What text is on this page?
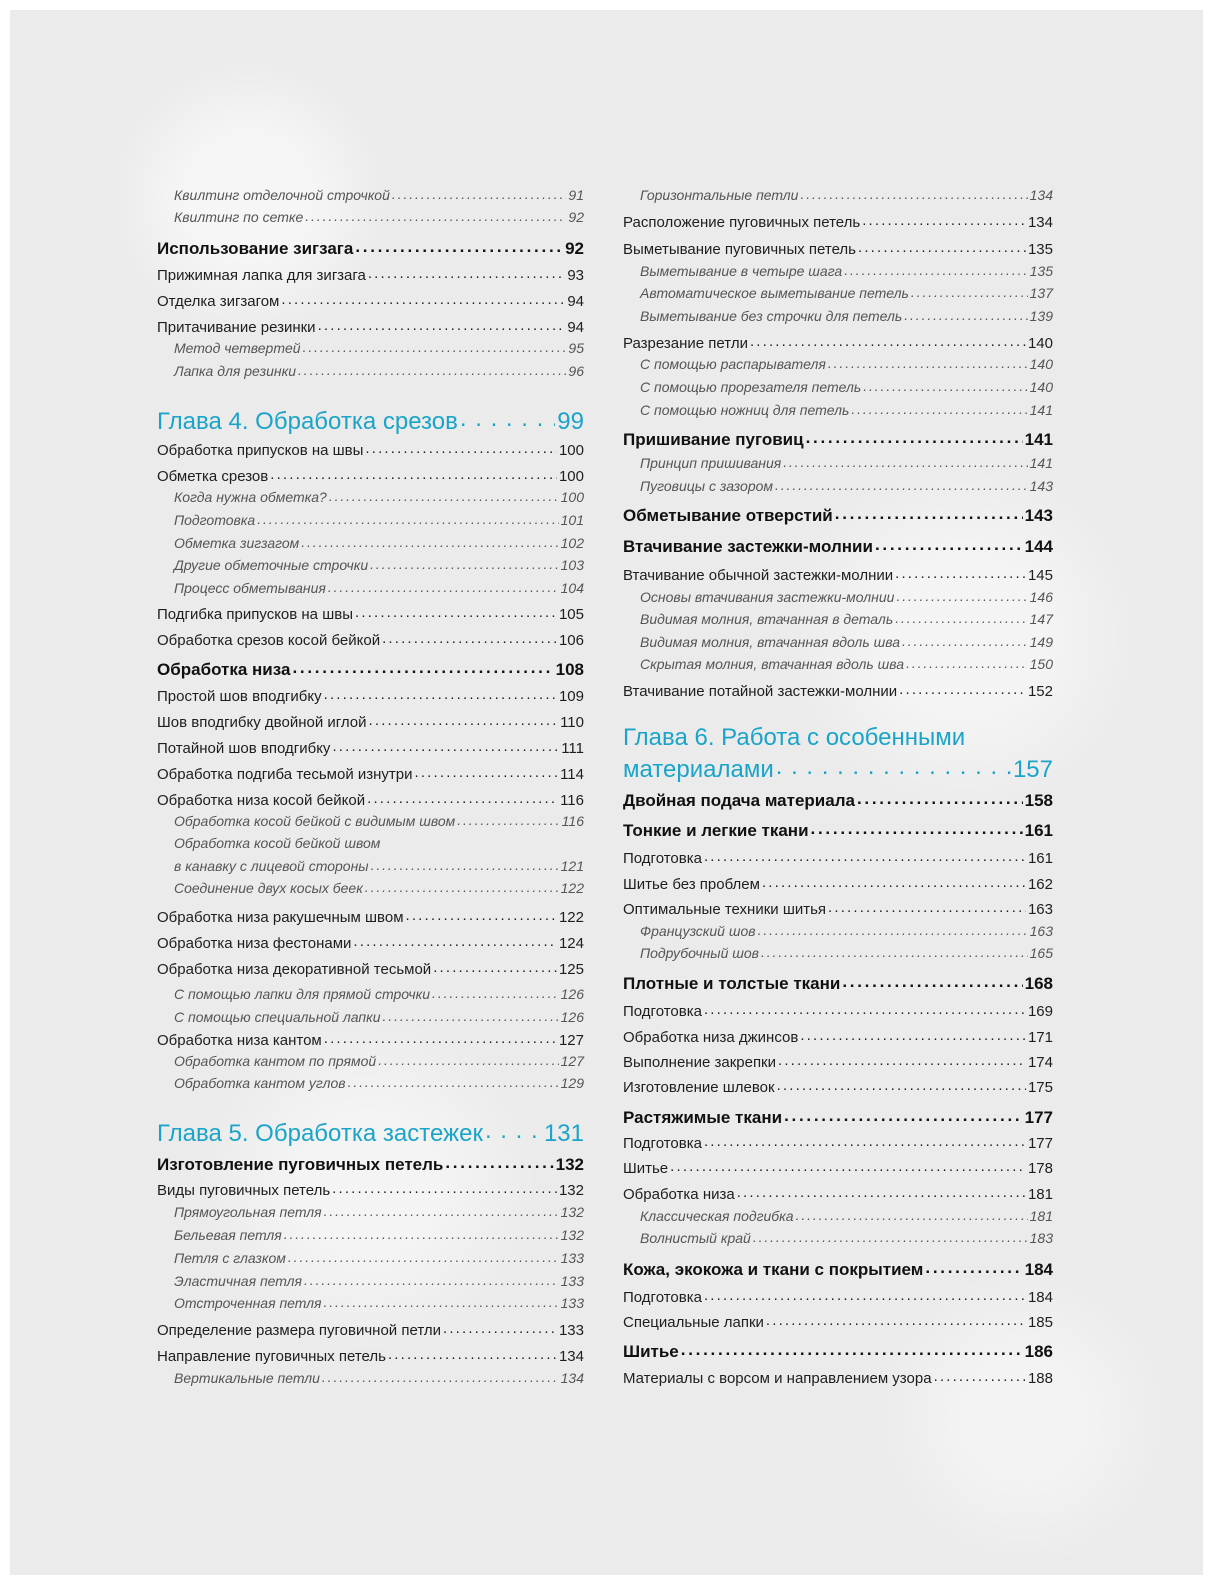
Квилтинг отделочной строчкой . . .	91
Квилтинг по сетке . . .	92
Использование зигзага . . .	92
Прижимная лапка для зигзага . . .	93
Отделка зигзагом . . .	94
Притачивание резинки . . .	94
Метод четвертей . . .	95
Лапка для резинки . . .	96
Глава 4. Обработка срезов . . .	99
Обработка припусков на швы . . .	100
Обметка срезов . . .	100
Когда нужна обметка? . . .	100
Подготовка . . .	101
Обметка зигзагом . . .	102
Другие обметочные строчки . . .	103
Процесс обметывания . . .	104
Подгибка припусков на швы . . .	105
Обработка срезов косой бейкой . . .	106
Обработка низа . . .	108
Простой шов вподгибку . . .	109
Шов вподгибку двойной иглой . . .	110
Потайной шов вподгибку . . .	111
Обработка подгиба тесьмой изнутри . . .	114
Обработка низа косой бейкой . . .	116
Обработка косой бейкой с видимым швом . . .	116
Обработка косой бейкой швом
в канавку с лицевой стороны . . .	121
Соединение двух косых беек . . .	122
Обработка низа ракушечным швом . . .	122
Обработка низа фестонами . . .	124
Обработка низа декоративной тесьмой . . .	125
С помощью лапки для прямой строчки . . .	126
С помощью специальной лапки . . .	126
Обработка низа кантом . . .	127
Обработка кантом по прямой . . .	127
Обработка кантом углов . . .	129
Глава 5. Обработка застежек . . .	131
Изготовление пуговичных петель . . .	132
Виды пуговичных петель . . .	132
Прямоугольная петля . . .	132
Бельевая петля . . .	132
Петля с глазком . . .	133
Эластичная петля . . .	133
Отстроченная петля . . .	133
Определение размера пуговичной петли . . .	133
Направление пуговичных петель . . .	134
Вертикальные петли . . .	134
Горизонтальные петли . . .	134
Расположение пуговичных петель . . .	134
Выметывание пуговичных петель . . .	135
Выметывание в четыре шага . . .	135
Автоматическое выметывание петель . . .	137
Выметывание без строчки для петель . . .	139
Разрезание петли . . .	140
С помощью распарывателя . . .	140
С помощью прорезателя петель . . .	140
С помощью ножниц для петель . . .	141
Пришивание пуговиц . . .	141
Принцип пришивания . . .	141
Пуговицы с зазором . . .	143
Обметывание отверстий . . .	143
Втачивание застежки-молнии . . .	144
Втачивание обычной застежки-молнии . . .	145
Основы втачивания застежки-молнии . . .	146
Видимая молния, втачанная в деталь . . .	147
Видимая молния, втачанная вдоль шва . . .	149
Скрытая молния, втачанная вдоль шва . . .	150
Втачивание потайной застежки-молнии . . .	152
Глава 6. Работа с особенными
материалами . . .	157
Двойная подача материала . . .	158
Тонкие и легкие ткани . . .	161
Подготовка . . .	161
Шитье без проблем . . .	162
Оптимальные техники шитья . . .	163
Французский шов . . .	163
Подрубочный шов . . .	165
Плотные и толстые ткани . . .	168
Подготовка . . .	169
Обработка низа джинсов . . .	171
Выполнение закрепки . . .	174
Изготовление шлевок . . .	175
Растяжимые ткани . . .	177
Подготовка . . .	177
Шитье . . .	178
Обработка низа . . .	181
Классическая подгибка . . .	181
Волнистый край . . .	183
Кожа, экокожа и ткани с покрытием . . .	184
Подготовка . . .	184
Специальные лапки . . .	185
Шитье . . .	186
Материалы с ворсом и направлением узора . . .	188
